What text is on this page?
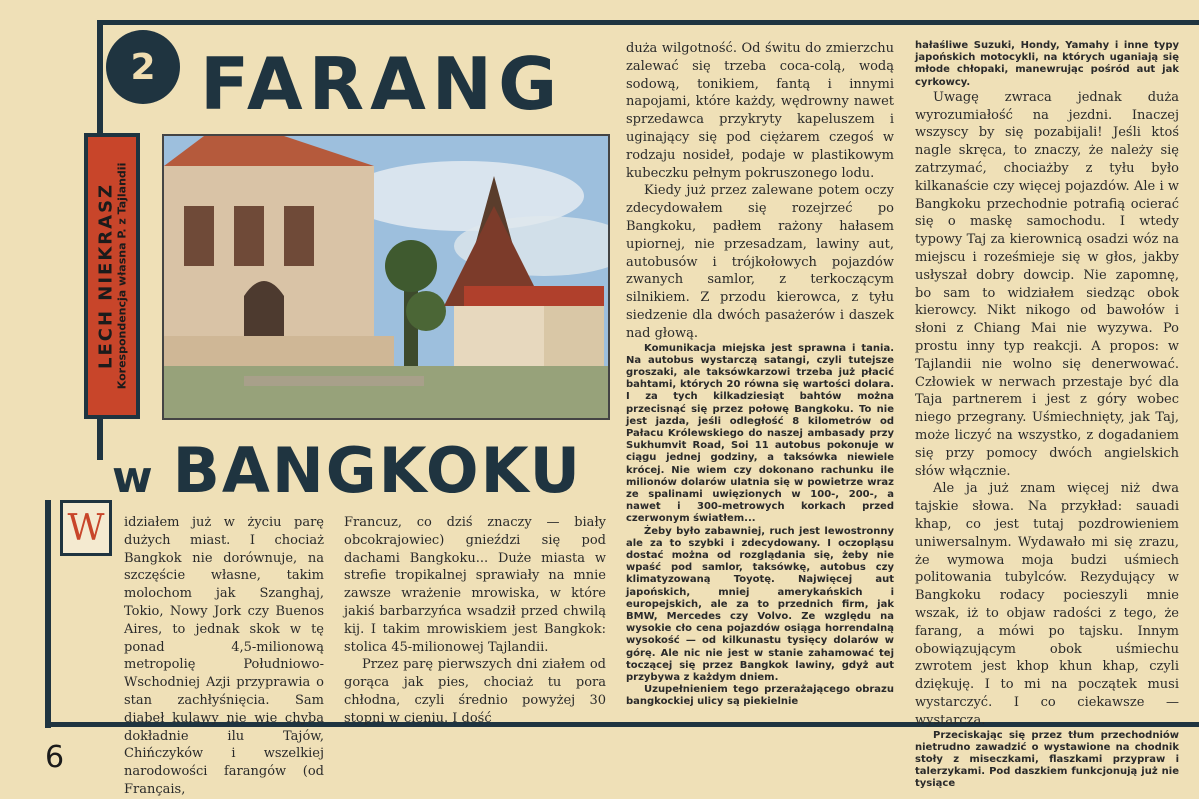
2 FARANG
w BANGKOKU
LECH NIEKRASZ
Korespondencja własna P. z Tajlandii
W	idziałem już w życiu parę dużych miast. I chociaż Bangkok nie dorównuje, na szczęście własne, takim molochom jak Szanghaj, Tokio, Nowy Jork czy Buenos Aires, to jednak skok w tę ponad 4,5-milionową metropolię Południowo-Wschodniej Azji przyprawia o stan zachłyśnięcia. Sam diabeł kulawy nie wie chyba dokładnie ilu Tajów, Chińczyków i wszelkiej narodowości farangów (od Français,

Francuz, co dziś znaczy — biały obcokrajowiec) gnieździ się pod dachami Bangkoku... Duże miasta w strefie tropikalnej sprawiały na mnie zawsze wrażenie mrowiska, w które jakiś barbarzyńca wsadził przed chwilą kij. I takim mrowiskiem jest Bangkok: stolica 45-milionowej Tajlandii.

Przez parę pierwszych dni ziałem od gorąca jak pies, chociaż tu pora chłodna, czyli średnio powyżej 30 stopni w cieniu. I dość

duża wilgotność. Od świtu do zmierzchu zalewać się trzeba coca-colą, wodą sodową, tonikiem, fantą i innymi napojami, które każdy, wędrowny nawet sprzedawca przykryty kapeluszem i uginający się pod ciężarem czegoś w rodzaju nosideł, podaje w plastikowym kubeczku pełnym pokruszonego lodu.

Kiedy już przez zalewane potem oczy zdecydowałem się rozejrzeć po Bangkoku, padłem rażony hałasem upiornej, nie przesadzam, lawiny aut, autobusów i trójkołowych pojazdów zwanych samlor, z terkoczącym silnikiem. Z przodu kierowca, z tyłu siedzenie dla dwóch pasażerów i daszek nad głową.

Komunikacja miejska jest sprawna i tania. Na autobus wystarczą satangi, czyli tutejsze groszaki, ale taksówkarzowi trzeba już płacić bahtami, których 20 równa się wartości dolara. I za tych kilkadziesiąt bahtów można przecisnąć się przez połowę Bangkoku. To nie jest jazda, jeśli odległość 8 kilometrów od Pałacu Królewskiego do naszej ambasady przy Sukhumvit Road, Soi 11 autobus pokonuje w ciągu jednej godziny, a taksówka niewiele krócej. Nie wiem czy dokonano rachunku ile milionów dolarów ulatnia się w powietrze wraz ze spalinami uwięzionych w 100-, 200-, a nawet i 300-metrowych korkach przed czerwonym światłem...

Żeby było zabawniej, ruch jest lewostronny ale za to szybki i zdecydowany. I oczopląsu dostać można od rozglądania się, żeby nie wpaść pod samlor, taksówkę, autobus czy klimatyzowaną Toyotę. Najwięcej aut japońskich, mniej amerykańskich i europejskich, ale za to przednich firm, jak BMW, Mercedes czy Volvo. Ze względu na wysokie cło cena pojazdów osiąga horrendalną wysokość — od kilkunastu tysięcy dolarów w górę. Ale nic nie jest w stanie zahamować tej toczącej się przez Bangkok lawiny, gdyż aut przybywa z każdym dniem.

Uzupełnieniem tego przerażającego obrazu bangkockiej ulicy są piekielnie

hałaśliwe Suzuki, Hondy, Yamahy i inne typy japońskich motocykli, na których uganiają się młode chłopaki, manewrując pośród aut jak cyrkowcy.

Uwagę zwraca jednak duża wyrozumiałość na jezdni. Inaczej wszyscy by się pozabijali! Jeśli ktoś nagle skręca, to znaczy, że należy się zatrzymać, chociażby z tyłu było kilkanaście czy więcej pojazdów. Ale i w Bangkoku przechodnie potrafią ocierać się o maskę samochodu. I wtedy typowy Taj za kierownicą osadzi wóz na miejscu i roześmieje się w głos, jakby usłyszał dobry dowcip. Nie zapomnę, bo sam to widziałem siedząc obok kierowcy. Nikt nikogo od bawołów i słoni z Chiang Mai nie wyzywa. Po prostu inny typ reakcji. A propos: w Tajlandii nie wolno się denerwować. Człowiek w nerwach przestaje być dla Taja partnerem i jest z góry wobec niego przegrany. Uśmiechnięty, jak Taj, może liczyć na wszystko, z dogadaniem się przy pomocy dwóch angielskich słów włącznie.

Ale ja już znam więcej niż dwa tajskie słowa. Na przykład: sauadi khap, co jest tutaj pozdrowieniem uniwersalnym. Wydawało mi się zrazu, że wymowa moja budzi uśmiech politowania tubylców. Rezydujący w Bangkoku rodacy pocieszyli mnie wszak, iż to objaw radości z tego, że farang, a mówi po tajsku. Innym obowiązującym obok uśmiechu zwrotem jest khop khun khap, czyli dziękuję. I to mi na początek musi wystarczyć. I co ciekawsze — wystarcza.

Przeciskając się przez tłum przechodniów nietrudno zawadzić o wystawione na chodnik stoły z miseczkami, flaszkami przypraw i talerzykami. Pod daszkiem funkcjonują już nie tysiące

6
